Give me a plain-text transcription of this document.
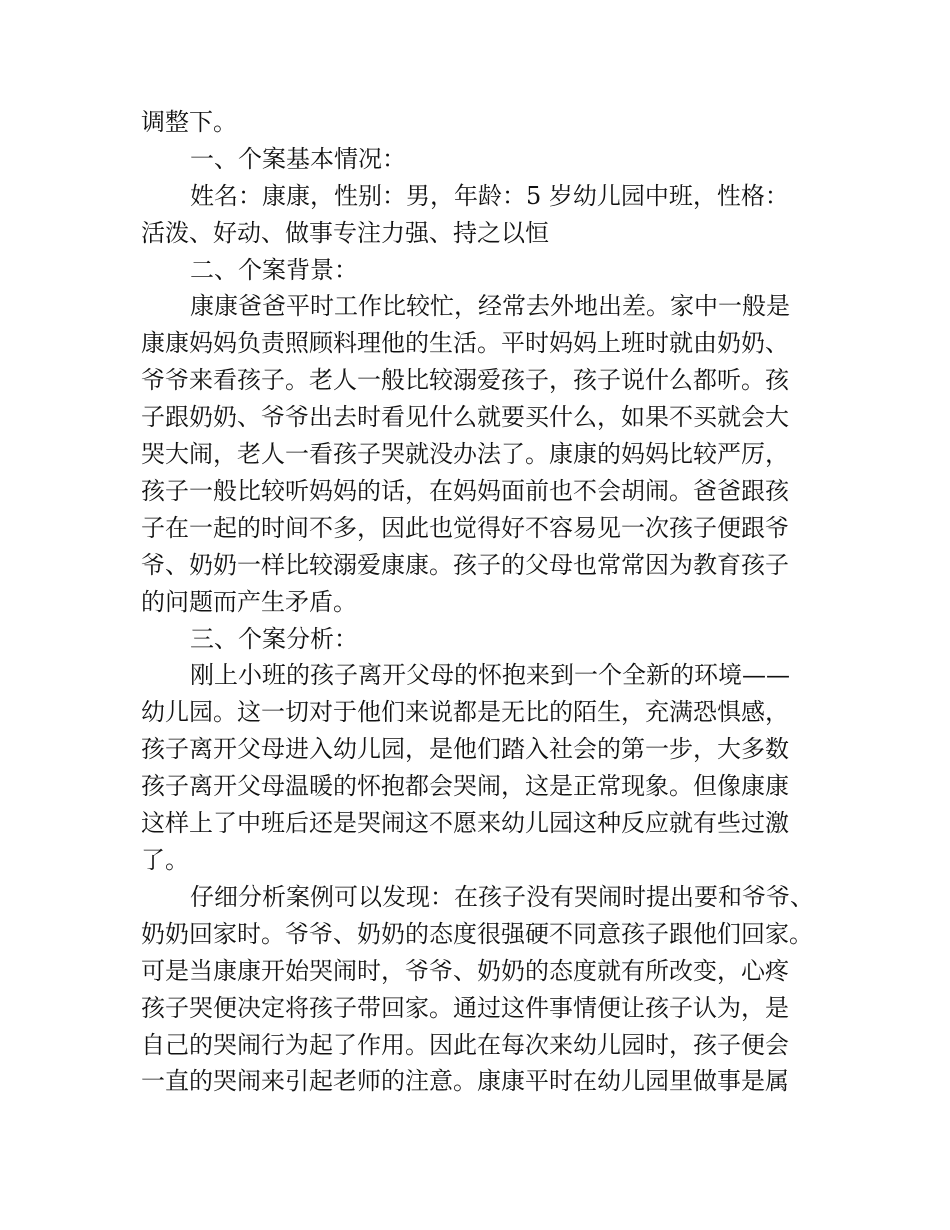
调整下。
一、个案基本情况：
姓名：康康，性别：男，年龄：5 岁幼儿园中班，性格：
活泼、好动、做事专注力强、持之以恒
二、个案背景：
康康爸爸平时工作比较忙，经常去外地出差。家中一般是
康康妈妈负责照顾料理他的生活。平时妈妈上班时就由奶奶、
爷爷来看孩子。老人一般比较溺爱孩子，孩子说什么都听。孩
子跟奶奶、爷爷出去时看见什么就要买什么，如果不买就会大
哭大闹，老人一看孩子哭就没办法了。康康的妈妈比较严厉，
孩子一般比较听妈妈的话，在妈妈面前也不会胡闹。爸爸跟孩
子在一起的时间不多，因此也觉得好不容易见一次孩子便跟爷
爷、奶奶一样比较溺爱康康。孩子的父母也常常因为教育孩子
的问题而产生矛盾。
三、个案分析：
刚上小班的孩子离开父母的怀抱来到一个全新的环境——
幼儿园。这一切对于他们来说都是无比的陌生，充满恐惧感，
孩子离开父母进入幼儿园，是他们踏入社会的第一步，大多数
孩子离开父母温暖的怀抱都会哭闹，这是正常现象。但像康康
这样上了中班后还是哭闹这不愿来幼儿园这种反应就有些过激
了。
仔细分析案例可以发现：在孩子没有哭闹时提出要和爷爷、
奶奶回家时。爷爷、奶奶的态度很强硬不同意孩子跟他们回家。
可是当康康开始哭闹时，爷爷、奶奶的态度就有所改变，心疼
孩子哭便决定将孩子带回家。通过这件事情便让孩子认为，是
自己的哭闹行为起了作用。因此在每次来幼儿园时，孩子便会
一直的哭闹来引起老师的注意。康康平时在幼儿园里做事是属
